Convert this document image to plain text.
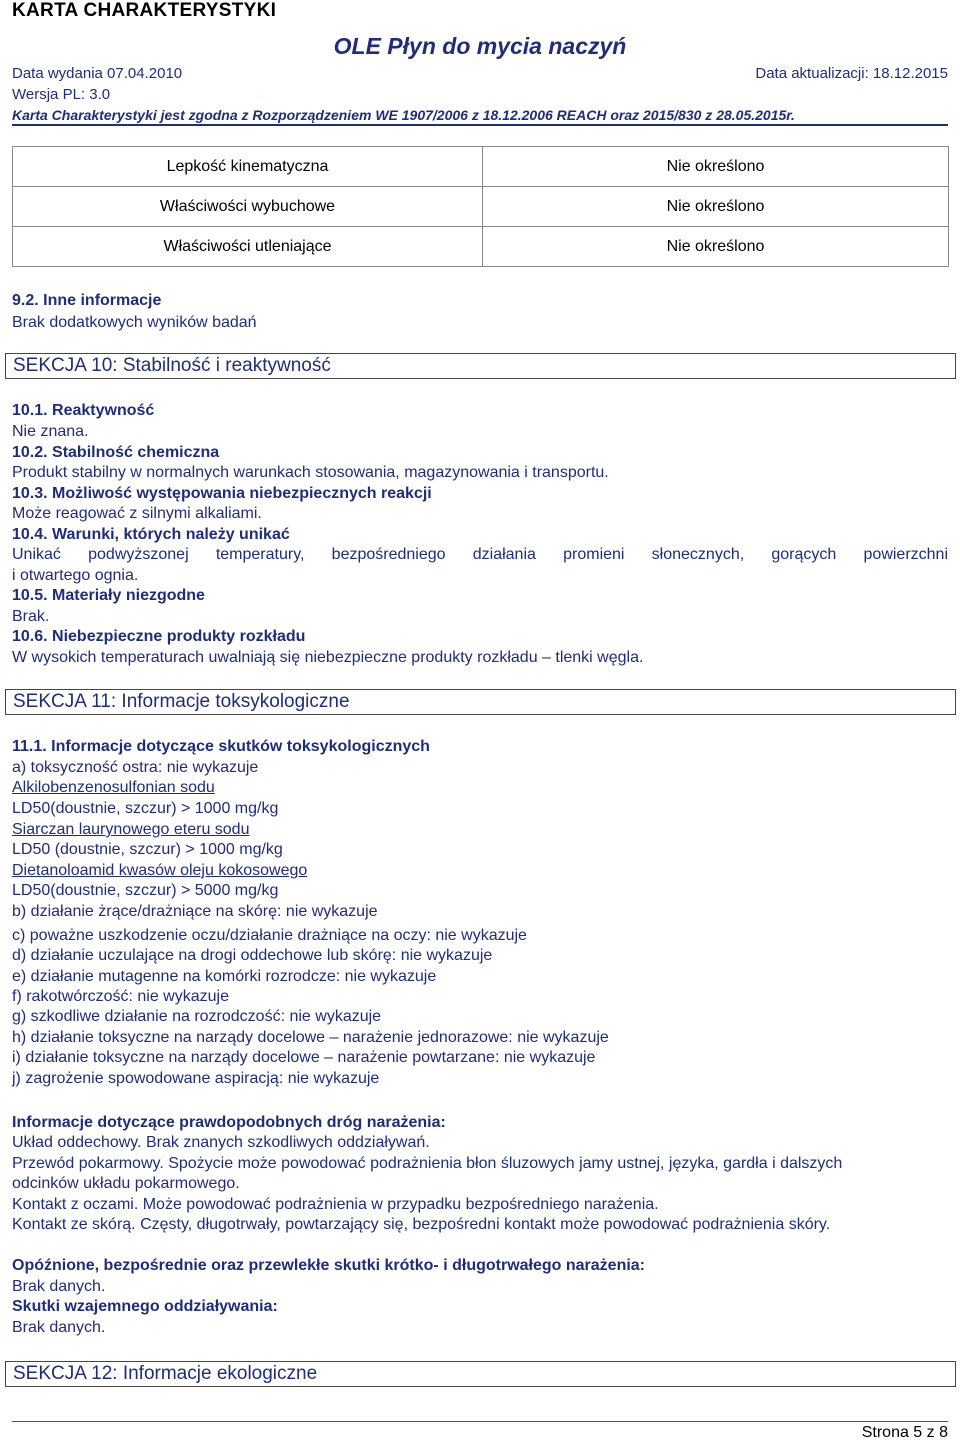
KARTA CHARAKTERYSTYKI
OLE Płyn do mycia naczyń
Data wydania 07.04.2010	Data aktualizacji: 18.12.2015
Wersja PL: 3.0
Karta Charakterystyki jest zgodna z Rozporządzeniem WE 1907/2006 z 18.12.2006 REACH oraz 2015/830 z 28.05.2015r.
Lepkość kinematyczna	Nie określono
Właściwości wybuchowe	Nie określono
Właściwości utleniające	Nie określono
9.2. Inne informacje
Brak dodatkowych wyników badań
SEKCJA 10: Stabilność i reaktywność
10.1. Reaktywność
Nie znana.
10.2. Stabilność chemiczna
Produkt stabilny w normalnych warunkach stosowania, magazynowania i transportu.
10.3. Możliwość występowania niebezpiecznych reakcji
Może reagować z silnymi alkaliami.
10.4. Warunki, których należy unikać
Unikać podwyższonej temperatury, bezpośredniego działania promieni słonecznych, gorących powierzchni
i otwartego ognia.
10.5. Materiały niezgodne
Brak.
10.6. Niebezpieczne produkty rozkładu
W wysokich temperaturach uwalniają się niebezpieczne produkty rozkładu – tlenki węgla.
SEKCJA 11: Informacje toksykologiczne
11.1. Informacje dotyczące skutków toksykologicznych
a) toksyczność ostra: nie wykazuje
Alkilobenzenosulfonian sodu
LD50(doustnie, szczur) > 1000 mg/kg
Siarczan laurynowego eteru sodu
LD50 (doustnie, szczur) > 1000 mg/kg
Dietanoloamid kwasów oleju kokosowego
LD50(doustnie, szczur) > 5000 mg/kg
b) działanie żrące/drażniące na skórę: nie wykazuje
c) poważne uszkodzenie oczu/działanie drażniące na oczy: nie wykazuje
d) działanie uczulające na drogi oddechowe lub skórę: nie wykazuje
e) działanie mutagenne na komórki rozrodcze: nie wykazuje
f) rakotwórczość: nie wykazuje
g) szkodliwe działanie na rozrodczość: nie wykazuje
h) działanie toksyczne na narządy docelowe – narażenie jednorazowe: nie wykazuje
i) działanie toksyczne na narządy docelowe – narażenie powtarzane: nie wykazuje
j) zagrożenie spowodowane aspiracją: nie wykazuje
Informacje dotyczące prawdopodobnych dróg narażenia:
Układ oddechowy. Brak znanych szkodliwych oddziaływań.
Przewód pokarmowy. Spożycie może powodować podrażnienia błon śluzowych jamy ustnej, języka, gardła i dalszych
odcinków układu pokarmowego.
Kontakt z oczami. Może powodować podrażnienia w przypadku bezpośredniego narażenia.
Kontakt ze skórą. Częsty, długotrwały, powtarzający się, bezpośredni kontakt może powodować podrażnienia skóry.
Opóźnione, bezpośrednie oraz przewlekłe skutki krótko- i długotrwałego narażenia:
Brak danych.
Skutki wzajemnego oddziaływania:
Brak danych.
SEKCJA 12: Informacje ekologiczne
Strona 5 z 8
